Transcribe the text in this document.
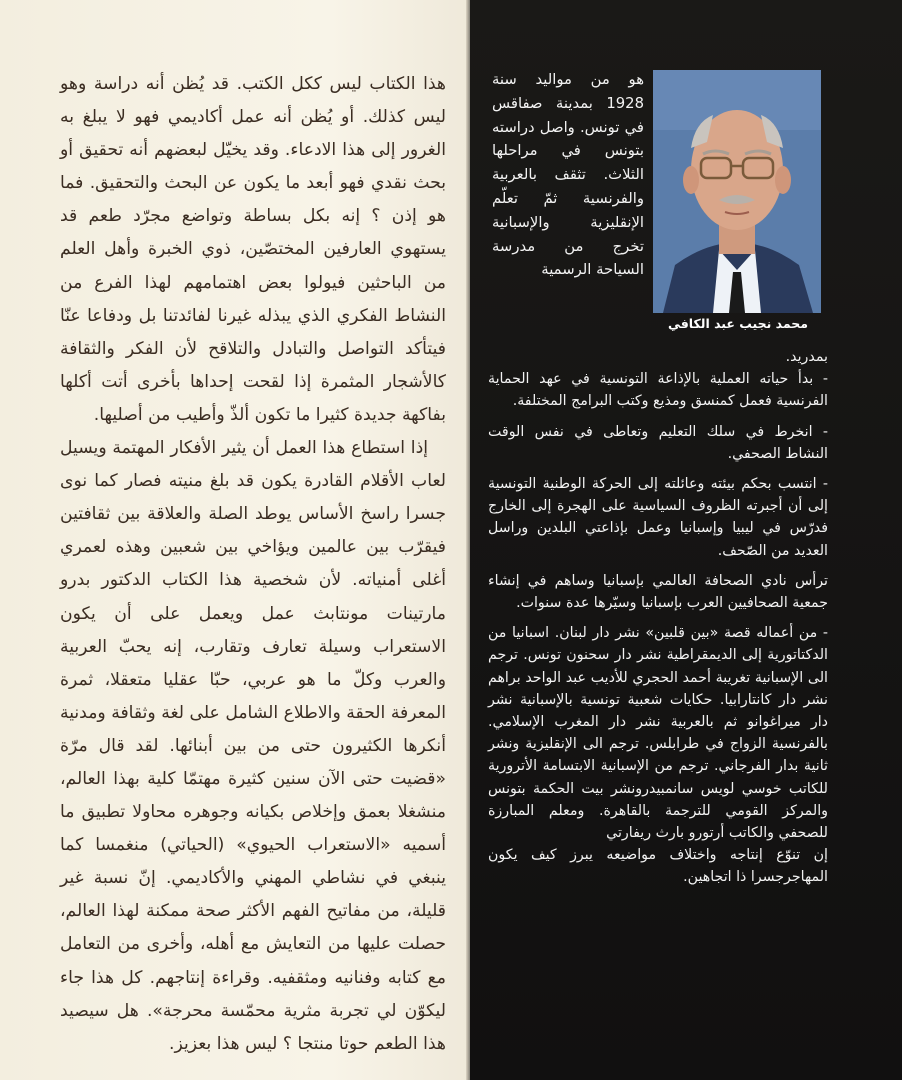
هذا الكتاب ليس ككل الكتب. قد يُظن أنه دراسة وهو ليس كذلك. أو يُظن أنه عمل أكاديمي فهو لا يبلغ به الغرور إلى هذا الادعاء. وقد يخيّل لبعضهم أنه تحقيق أو بحث نقدي فهو أبعد ما يكون عن البحث والتحقيق. فما هو إذن ؟ إنه بكل بساطة وتواضع مجرّد طعم قد يستهوي العارفين المختصّين، ذوي الخبرة وأهل العلم من الباحثين فيولوا بعض اهتمامهم لهذا الفرع من النشاط الفكري الذي يبذله غيرنا لفائدتنا بل ودفاعا عنّا فيتأكد التواصل والتبادل والتلاقح لأن الفكر والثقافة كالأشجار المثمرة إذا لقحت إحداها بأخرى أتت أكلها بفاكهة جديدة كثيرا ما تكون ألذّ وأطيب من أصليها.

إذا استطاع هذا العمل أن يثير الأفكار المهتمة ويسيل لعاب الأقلام القادرة يكون قد بلغ منيته فصار كما نوى جسرا راسخ الأساس يوطد الصلة والعلاقة بين ثقافتين فيقرّب بين عالمين ويؤاخي بين شعبين وهذه لعمري أغلى أمنياته. لأن شخصية هذا الكتاب الدكتور بدرو مارتينات مونتابث عمل ويعمل على أن يكون الاستعراب وسيلة تعارف وتقارب، إنه يحبّ العربية والعرب وكلّ ما هو عربي، حبّا عقليا متعقلا، ثمرة المعرفة الحقة والاطلاع الشامل على لغة وثقافة ومدنية أنكرها الكثيرون حتى من بين أبنائها. لقد قال مرّة «قضيت حتى الآن سنين كثيرة مهتمّا كلية بهذا العالم، منشغلا بعمق وإخلاص بكيانه وجوهره محاولا تطبيق ما أسميه «الاستعراب الحيوي» (الحياتي) منغمسا كما ينبغي في نشاطي المهني والأكاديمي. إنّ نسبة غير قليلة، من مفاتيح الفهم الأكثر صحة ممكنة لهذا العالم، حصلت عليها من التعايش مع أهله، وأخرى من التعامل مع كتابه وفنانيه ومثقفيه. وقراءة إنتاجهم. كل هذا جاء ليكوّن لي تجربة مثرية محمّسة محرجة». هل سيصيد هذا الطعم حوتا منتجا ؟ ليس هذا بعزيز.

هو من مواليد سنة 1928 بمدينة صفاقس في تونس. واصل دراسته بتونس في مراحلها الثلاث. تثقف بالعربية والفرنسية ثمّ تعلّم الإنقليزية والإسبانية تخرج من مدرسة السياحة الرسمية

محمد نجيب عبد الكافي

بمدريد.

- بدأ حياته العملية بالإذاعة التونسية في عهد الحماية الفرنسية فعمل كمنسق ومذيع وكتب البرامج المختلفة.

- انخرط في سلك التعليم وتعاطى في نفس الوقت النشاط الصحفي.

- انتسب بحكم بيئته وعائلته إلى الحركة الوطنية التونسية إلى أن أجبرته الظروف السياسية على الهجرة إلى الخارج فدرّس في ليبيا وإسبانيا وعمل بإذاعتي البلدين وراسل العديد من الصّحف.

ترأس نادي الصحافة العالمي بإسبانيا وساهم في إنشاء جمعية الصحافيين العرب بإسبانيا وسيّرها عدة سنوات.

- من أعماله قصة «بين قلبين» نشر دار لبنان. اسبانيا من الدكتاتورية إلى الديمقراطية نشر دار سحنون تونس. ترجم الى الإسبانية تغريبة أحمد الحجري للأديب عبد الواحد براهم نشر دار كانتارابيا. حكايات شعبية تونسية بالإسبانية نشر دار ميراغوانو ثم بالعربية نشر دار المغرب الإسلامي. بالفرنسية الزواج في طرابلس. ترجم الى الإنقليزية ونشر ثانية بدار الفرجاني. ترجم من الإسبانية الابتسامة الأترورية للكاتب خوسي لويس سانمبيدرونشر بيت الحكمة بتونس والمركز القومي للترجمة بالقاهرة. ومعلم المبارزة للصحفي والكاتب أرتورو بارث ريفارتي

إن تنوّع إنتاجه واختلاف مواضيعه يبرز كيف يكون المهاجرجسرا ذا اتجاهين.
